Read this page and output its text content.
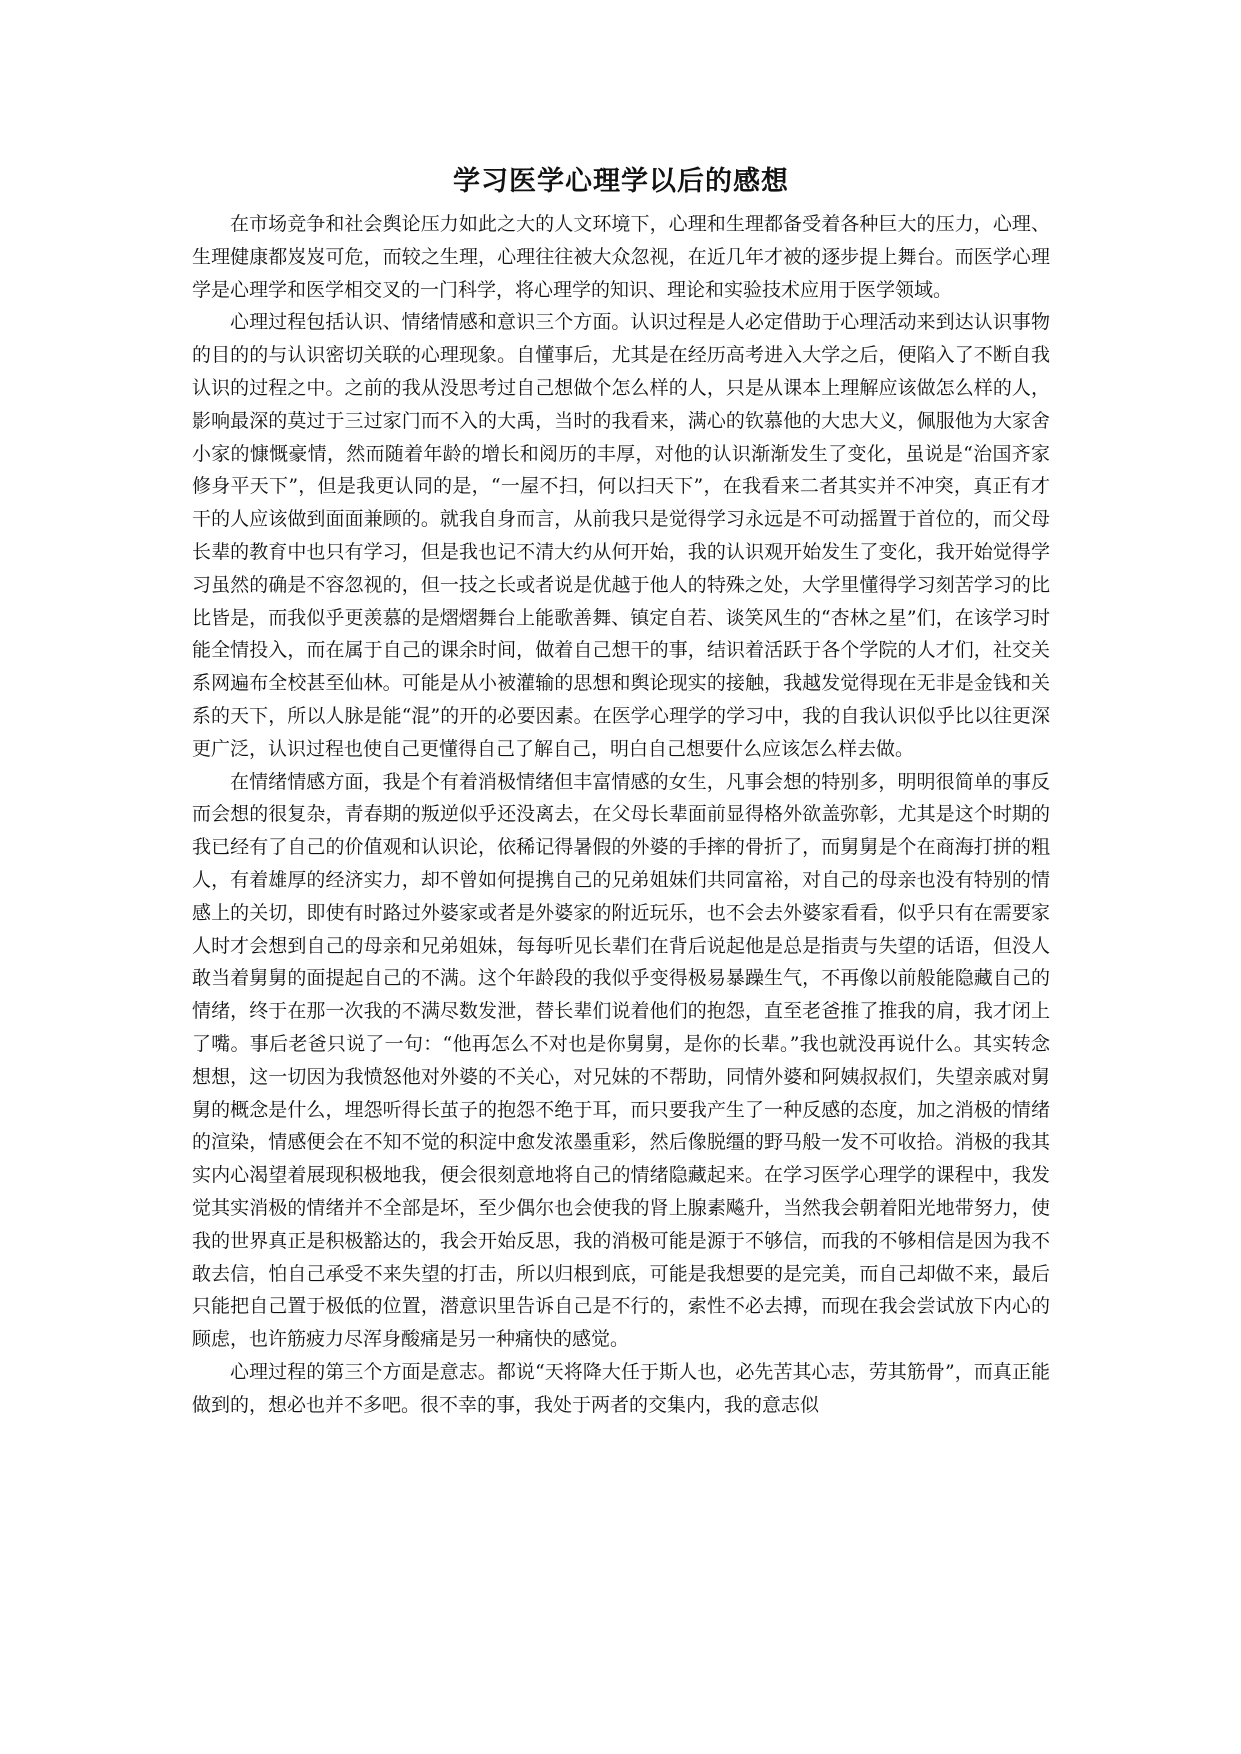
学习医学心理学以后的感想

在市场竞争和社会舆论压力如此之大的人文环境下，心理和生理都备受着各种巨大的压力，心理、生理健康都岌岌可危，而较之生理，心理往往被大众忽视，在近几年才被的逐步提上舞台。而医学心理学是心理学和医学相交叉的一门科学，将心理学的知识、理论和实验技术应用于医学领域。

心理过程包括认识、情绪情感和意识三个方面。认识过程是人必定借助于心理活动来到达认识事物的目的的与认识密切关联的心理现象。自懂事后，尤其是在经历高考进入大学之后，便陷入了不断自我认识的过程之中。之前的我从没思考过自己想做个怎么样的人，只是从课本上理解应该做怎么样的人，影响最深的莫过于三过家门而不入的大禹，当时的我看来，满心的钦慕他的大忠大义，佩服他为大家舍小家的慷慨豪情，然而随着年龄的增长和阅历的丰厚，对他的认识渐渐发生了变化，虽说是“治国齐家修身平天下”，但是我更认同的是，“一屋不扫，何以扫天下”，在我看来二者其实并不冲突，真正有才干的人应该做到面面兼顾的。就我自身而言，从前我只是觉得学习永远是不可动摇置于首位的，而父母长辈的教育中也只有学习，但是我也记不清大约从何开始，我的认识观开始发生了变化，我开始觉得学习虽然的确是不容忽视的，但一技之长或者说是优越于他人的特殊之处，大学里懂得学习刻苦学习的比比皆是，而我似乎更羡慕的是熠熠舞台上能歌善舞、镇定自若、谈笑风生的“杏林之星”们，在该学习时能全情投入，而在属于自己的课余时间，做着自己想干的事，结识着活跃于各个学院的人才们，社交关系网遍布全校甚至仙林。可能是从小被灌输的思想和舆论现实的接触，我越发觉得现在无非是金钱和关系的天下，所以人脉是能“混”的开的必要因素。在医学心理学的学习中，我的自我认识似乎比以往更深更广泛，认识过程也使自己更懂得自己了解自己，明白自己想要什么应该怎么样去做。

在情绪情感方面，我是个有着消极情绪但丰富情感的女生，凡事会想的特别多，明明很简单的事反而会想的很复杂，青春期的叛逆似乎还没离去，在父母长辈面前显得格外欲盖弥彰，尤其是这个时期的我已经有了自己的价值观和认识论，依稀记得暑假的外婆的手摔的骨折了，而舅舅是个在商海打拼的粗人，有着雄厚的经济实力，却不曾如何提携自己的兄弟姐妹们共同富裕，对自己的母亲也没有特别的情感上的关切，即使有时路过外婆家或者是外婆家的附近玩乐，也不会去外婆家看看，似乎只有在需要家人时才会想到自己的母亲和兄弟姐妹，每每听见长辈们在背后说起他是总是指责与失望的话语，但没人敢当着舅舅的面提起自己的不满。这个年龄段的我似乎变得极易暴躁生气，不再像以前般能隐藏自己的情绪，终于在那一次我的不满尽数发泄，替长辈们说着他们的抱怨，直至老爸推了推我的肩，我才闭上了嘴。事后老爸只说了一句：“他再怎么不对也是你舅舅，是你的长辈。”我也就没再说什么。其实转念想想，这一切因为我愤怒他对外婆的不关心，对兄妹的不帮助，同情外婆和阿姨叔叔们，失望亲戚对舅舅的概念是什么，埋怨听得长茧子的抱怨不绝于耳，而只要我产生了一种反感的态度，加之消极的情绪的渲染，情感便会在不知不觉的积淀中愈发浓墨重彩，然后像脱缰的野马般一发不可收拾。消极的我其实内心渴望着展现积极地我，便会很刻意地将自己的情绪隐藏起来。在学习医学心理学的课程中，我发觉其实消极的情绪并不全部是坏，至少偶尔也会使我的肾上腺素飚升，当然我会朝着阳光地带努力，使我的世界真正是积极豁达的，我会开始反思，我的消极可能是源于不够信，而我的不够相信是因为我不敢去信，怕自己承受不来失望的打击，所以归根到底，可能是我想要的是完美，而自己却做不来，最后只能把自己置于极低的位置，潜意识里告诉自己是不行的，索性不必去搏，而现在我会尝试放下内心的顾虑，也许筋疲力尽浑身酸痛是另一种痛快的感觉。

心理过程的第三个方面是意志。都说“天将降大任于斯人也，必先苦其心志，劳其筋骨”，而真正能做到的，想必也并不多吧。很不幸的事，我处于两者的交集内，我的意志似
